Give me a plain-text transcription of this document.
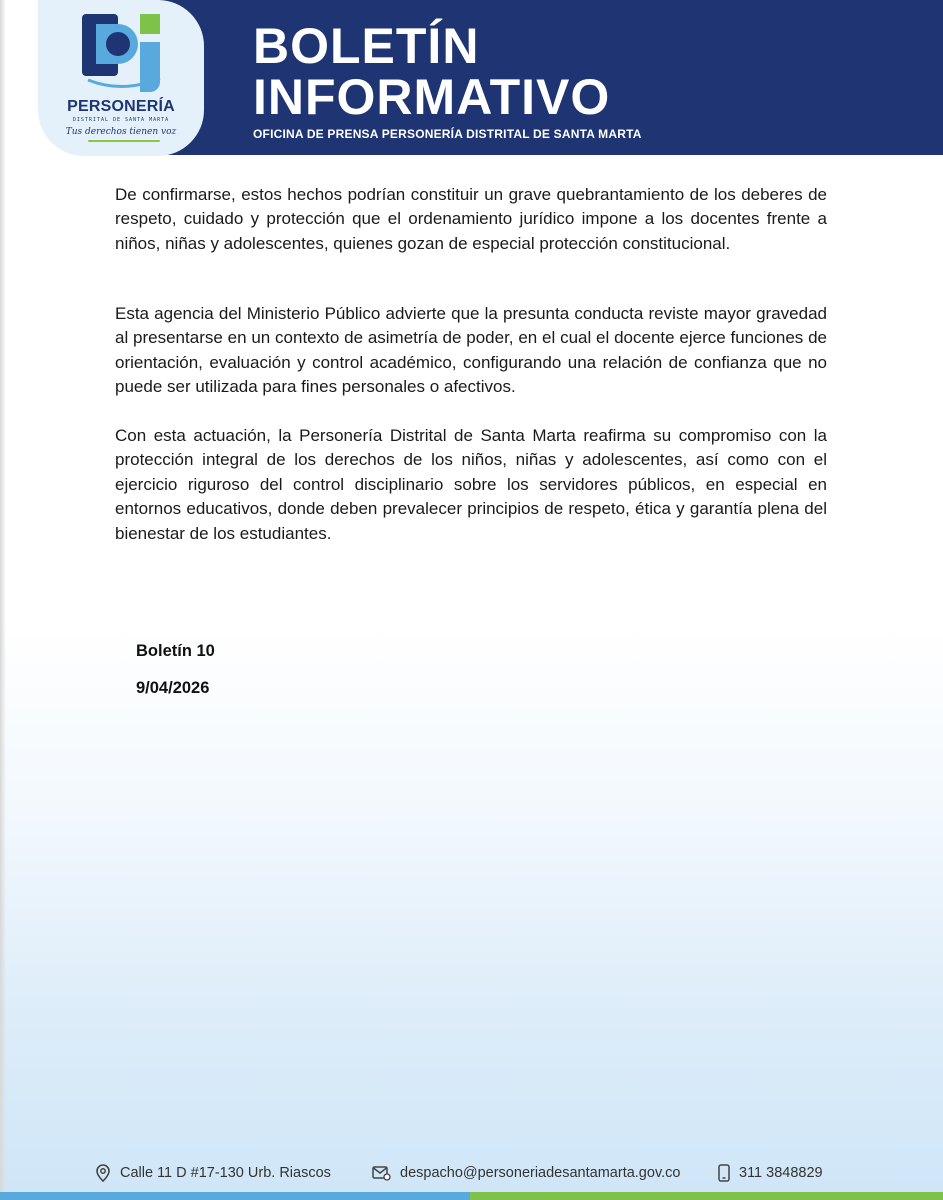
PERSONERÍA
DISTRITAL DE SANTA MARTA
Tus derechos tienen voz
BOLETÍN
INFORMATIVO
OFICINA DE PRENSA PERSONERÍA DISTRITAL DE SANTA MARTA

De confirmarse, estos hechos podrían constituir un grave quebrantamiento de los deberes de respeto, cuidado y protección que el ordenamiento jurídico impone a los docentes frente a niños, niñas y adolescentes, quienes gozan de especial protección constitucional.

Esta agencia del Ministerio Público advierte que la presunta conducta reviste mayor gravedad al presentarse en un contexto de asimetría de poder, en el cual el docente ejerce funciones de orientación, evaluación y control académico, configurando una relación de confianza que no puede ser utilizada para fines personales o afectivos.

Con esta actuación, la Personería Distrital de Santa Marta reafirma su compromiso con la protección integral de los derechos de los niños, niñas y adolescentes, así como con el ejercicio riguroso del control disciplinario sobre los servidores públicos, en especial en entornos educativos, donde deben prevalecer principios de respeto, ética y garantía plena del bienestar de los estudiantes.

Boletín 10
9/04/2026
Calle 11 D #17-130 Urb. Riascos	despacho@personeriadesantamarta.gov.co	311 3848829
